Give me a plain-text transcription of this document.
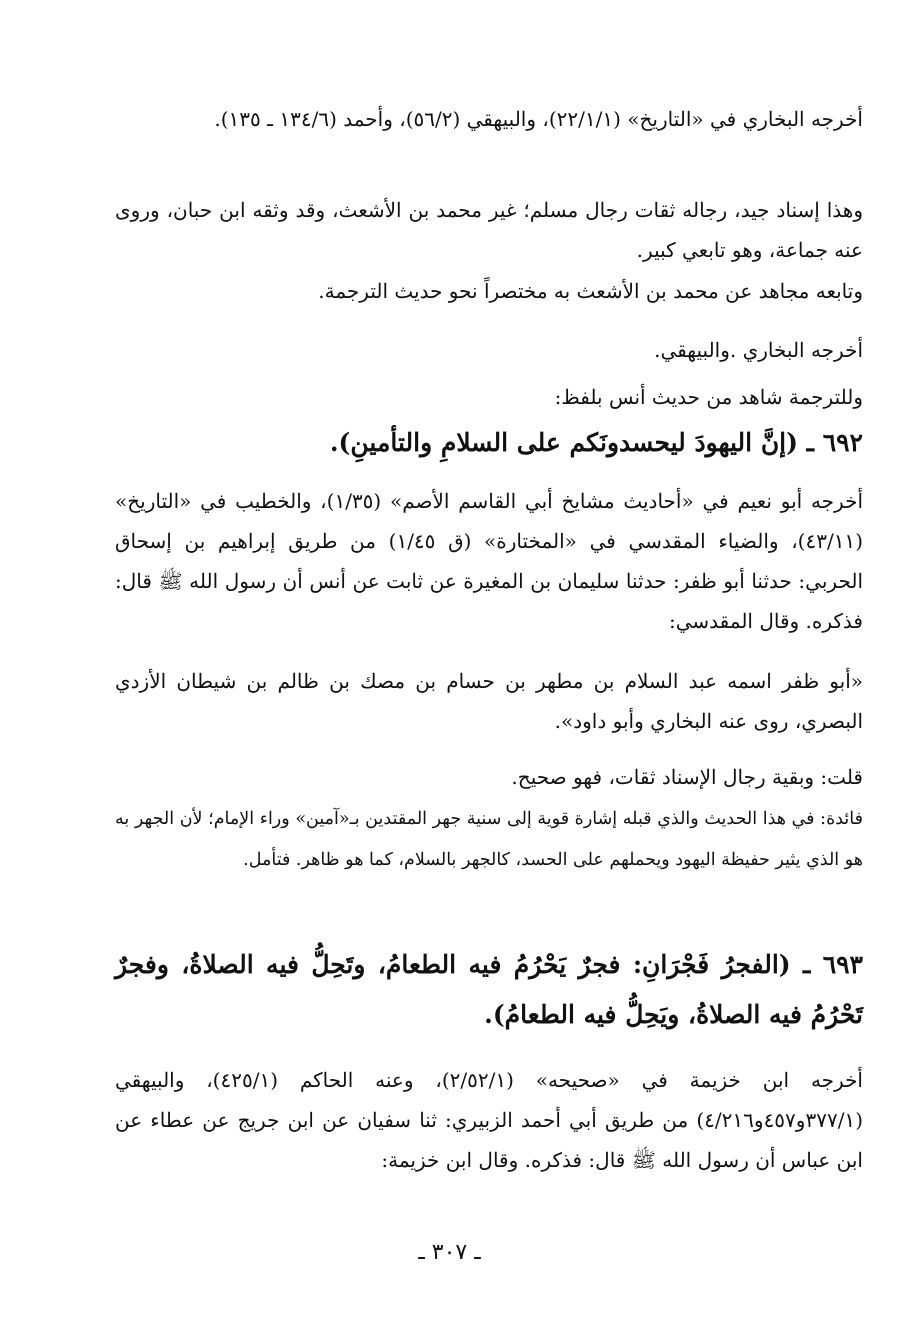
أخرجه البخاري في «التاريخ» (٢٢/١/١)، والبيهقي (٥٦/٢)، وأحمد (١٣٤/٦ ـ ١٣٥).

وهذا إسناد جيد، رجاله ثقات رجال مسلم؛ غير محمد بن الأشعث، وقد وثقه ابن حبان، وروى عنه جماعة، وهو تابعي كبير.

وتابعه مجاهد عن محمد بن الأشعث به مختصراً نحو حديث الترجمة.

أخرجه البخاري .والبيهقي.

وللترجمة شاهد من حديث أنس بلفظ:

٦٩٢ ـ (إنَّ اليهودَ ليحسدونَكم على السلامِ والتأمينِ).

أخرجه أبو نعيم في «أحاديث مشايخ أبي القاسم الأصم» (١/٣٥)، والخطيب في «التاريخ» (٤٣/١١)، والضياء المقدسي في «المختارة» (ق ١/٤٥) من طريق إبراهيم بن إسحاق الحربي: حدثنا أبو ظفر: حدثنا سليمان بن المغيرة عن ثابت عن أنس أن رسول الله ﷺ قال: فذكره. وقال المقدسي:

«أبو ظفر اسمه عبد السلام بن مطهر بن حسام بن مصك بن ظالم بن شيطان الأزدي البصري، روى عنه البخاري وأبو داود».

قلت: وبقية رجال الإسناد ثقات، فهو صحيح.

فائدة: في هذا الحديث والذي قبله إشارة قوية إلى سنية جهر المقتدين بـ«آمين» وراء الإمام؛ لأن الجهر به هو الذي يثير حفيظة اليهود ويحملهم على الحسد، كالجهر بالسلام، كما هو ظاهر. فتأمل.

٦٩٣ ـ (الفجرُ فَجْرَانِ: فجرٌ يَحْرُمُ فيه الطعامُ، وتَحِلُّ فيه الصلاةُ، وفجرٌ تَحْرُمُ فيه الصلاةُ، ويَحِلُّ فيه الطعامُ).

أخرجه ابن خزيمة في «صحيحه» (٢/٥٢/١)، وعنه الحاكم (٤٢٥/١)، والبيهقي (٣٧٧/١و٤٥٧و٤/٢١٦) من طريق أبي أحمد الزبيري: ثنا سفيان عن ابن جريج عن عطاء عن ابن عباس أن رسول الله ﷺ قال: فذكره. وقال ابن خزيمة:

ـ ٣٠٧ ـ
